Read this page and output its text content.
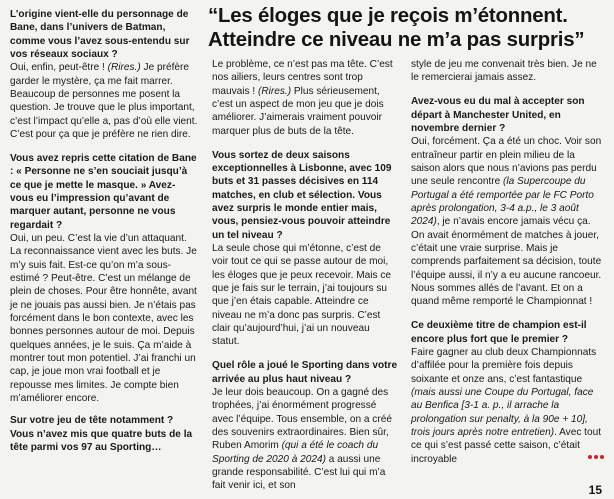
“Les éloges que je reçois m’étonnent. Atteindre ce niveau ne m’a pas surpris”
L’origine vient-elle du personnage de Bane, dans l’univers de Batman, comme vous l’avez sous-entendu sur vos réseaux sociaux ?
Oui, enfin, peut-être ! (Rires.) Je préfère garder le mystère, ça me fait marrer. Beaucoup de personnes me posent la question. Je trouve que le plus important, c’est l’impact qu’elle a, pas d’où elle vient. C’est pour ça que je préfère ne rien dire.
Vous avez repris cette citation de Bane : « Personne ne s’en souciait jusqu’à ce que je mette le masque. » Avez-vous eu l’impression qu’avant de marquer autant, personne ne vous regardait ?
Oui, un peu. C’est la vie d’un attaquant. La reconnaissance vient avec les buts. Je m’y suis fait. Est-ce qu’on m’a sous-estimé ? Peut-être. C’est un mélange de plein de choses. Pour être honnête, avant je ne jouais pas aussi bien. Je n’étais pas forcément dans le bon contexte, avec les bonnes personnes autour de moi. Depuis quelques années, je le suis. Ça m’aide à montrer tout mon potentiel. J’ai franchi un cap, je joue mon vrai football et je repousse mes limites. Je compte bien m’améliorer encore.
Sur votre jeu de tête notamment ? Vous n’avez mis que quatre buts de la tête parmi vos 97 au Sporting…
Le problème, ce n’est pas ma tête. C’est nos ailiers, leurs centres sont trop mauvais ! (Rires.) Plus sérieusement, c’est un aspect de mon jeu que je dois améliorer. J’aimerais vraiment pouvoir marquer plus de buts de la tête.
Vous sortez de deux saisons exceptionnelles à Lisbonne, avec 109 buts et 31 passes décisives en 114 matches, en club et sélection. Vous avez surpris le monde entier mais, vous, pensiez-vous pouvoir atteindre un tel niveau ?
La seule chose qui m’étonne, c’est de voir tout ce qui se passe autour de moi, les éloges que je peux recevoir. Mais ce que je fais sur le terrain, j’ai toujours su que j’en étais capable. Atteindre ce niveau ne m’a donc pas surpris. C’est clair qu’aujourd’hui, j’ai un nouveau statut.
Quel rôle a joué le Sporting dans votre arrivée au plus haut niveau ?
Je leur dois beaucoup. On a gagné des trophées, j’ai énormément progressé avec l’équipe. Tous ensemble, on a créé des souvenirs extraordinaires. Bien sûr, Ruben Amorim (qui a été le coach du Sporting de 2020 à 2024) a aussi une grande responsabilité. C’est lui qui m’a fait venir ici, et son
style de jeu me convenait très bien. Je ne le remercierai jamais assez.
Avez-vous eu du mal à accepter son départ à Manchester United, en novembre dernier ?
Oui, forcément. Ça a été un choc. Voir son entraîneur partir en plein milieu de la saison alors que nous n’avions pas perdu une seule rencontre (la Supercoupe du Portugal a été remportée par le FC Porto après prolongation, 3-4 a.p., le 3 août 2024), je n’avais encore jamais vécu ça. On avait énormément de matches à jouer, c’était une vraie surprise. Mais je comprends parfaitement sa décision, toute l’équipe aussi, il n’y a eu aucune rancoeur. Nous sommes allés de l’avant. Et on a quand même remporté le Championnat !
Ce deuxième titre de champion est-il encore plus fort que le premier ?
Faire gagner au club deux Championnats d’affilée pour la première fois depuis soixante et onze ans, c’est fantastique (mais aussi une Coupe du Portugal, face au Benfica [3-1 a. p., il arrache la prolongation sur penalty, à la 90e + 10], trois jours après notre entretien). Avec tout ce qui s’est passé cette saison, c’était incroyable
15
